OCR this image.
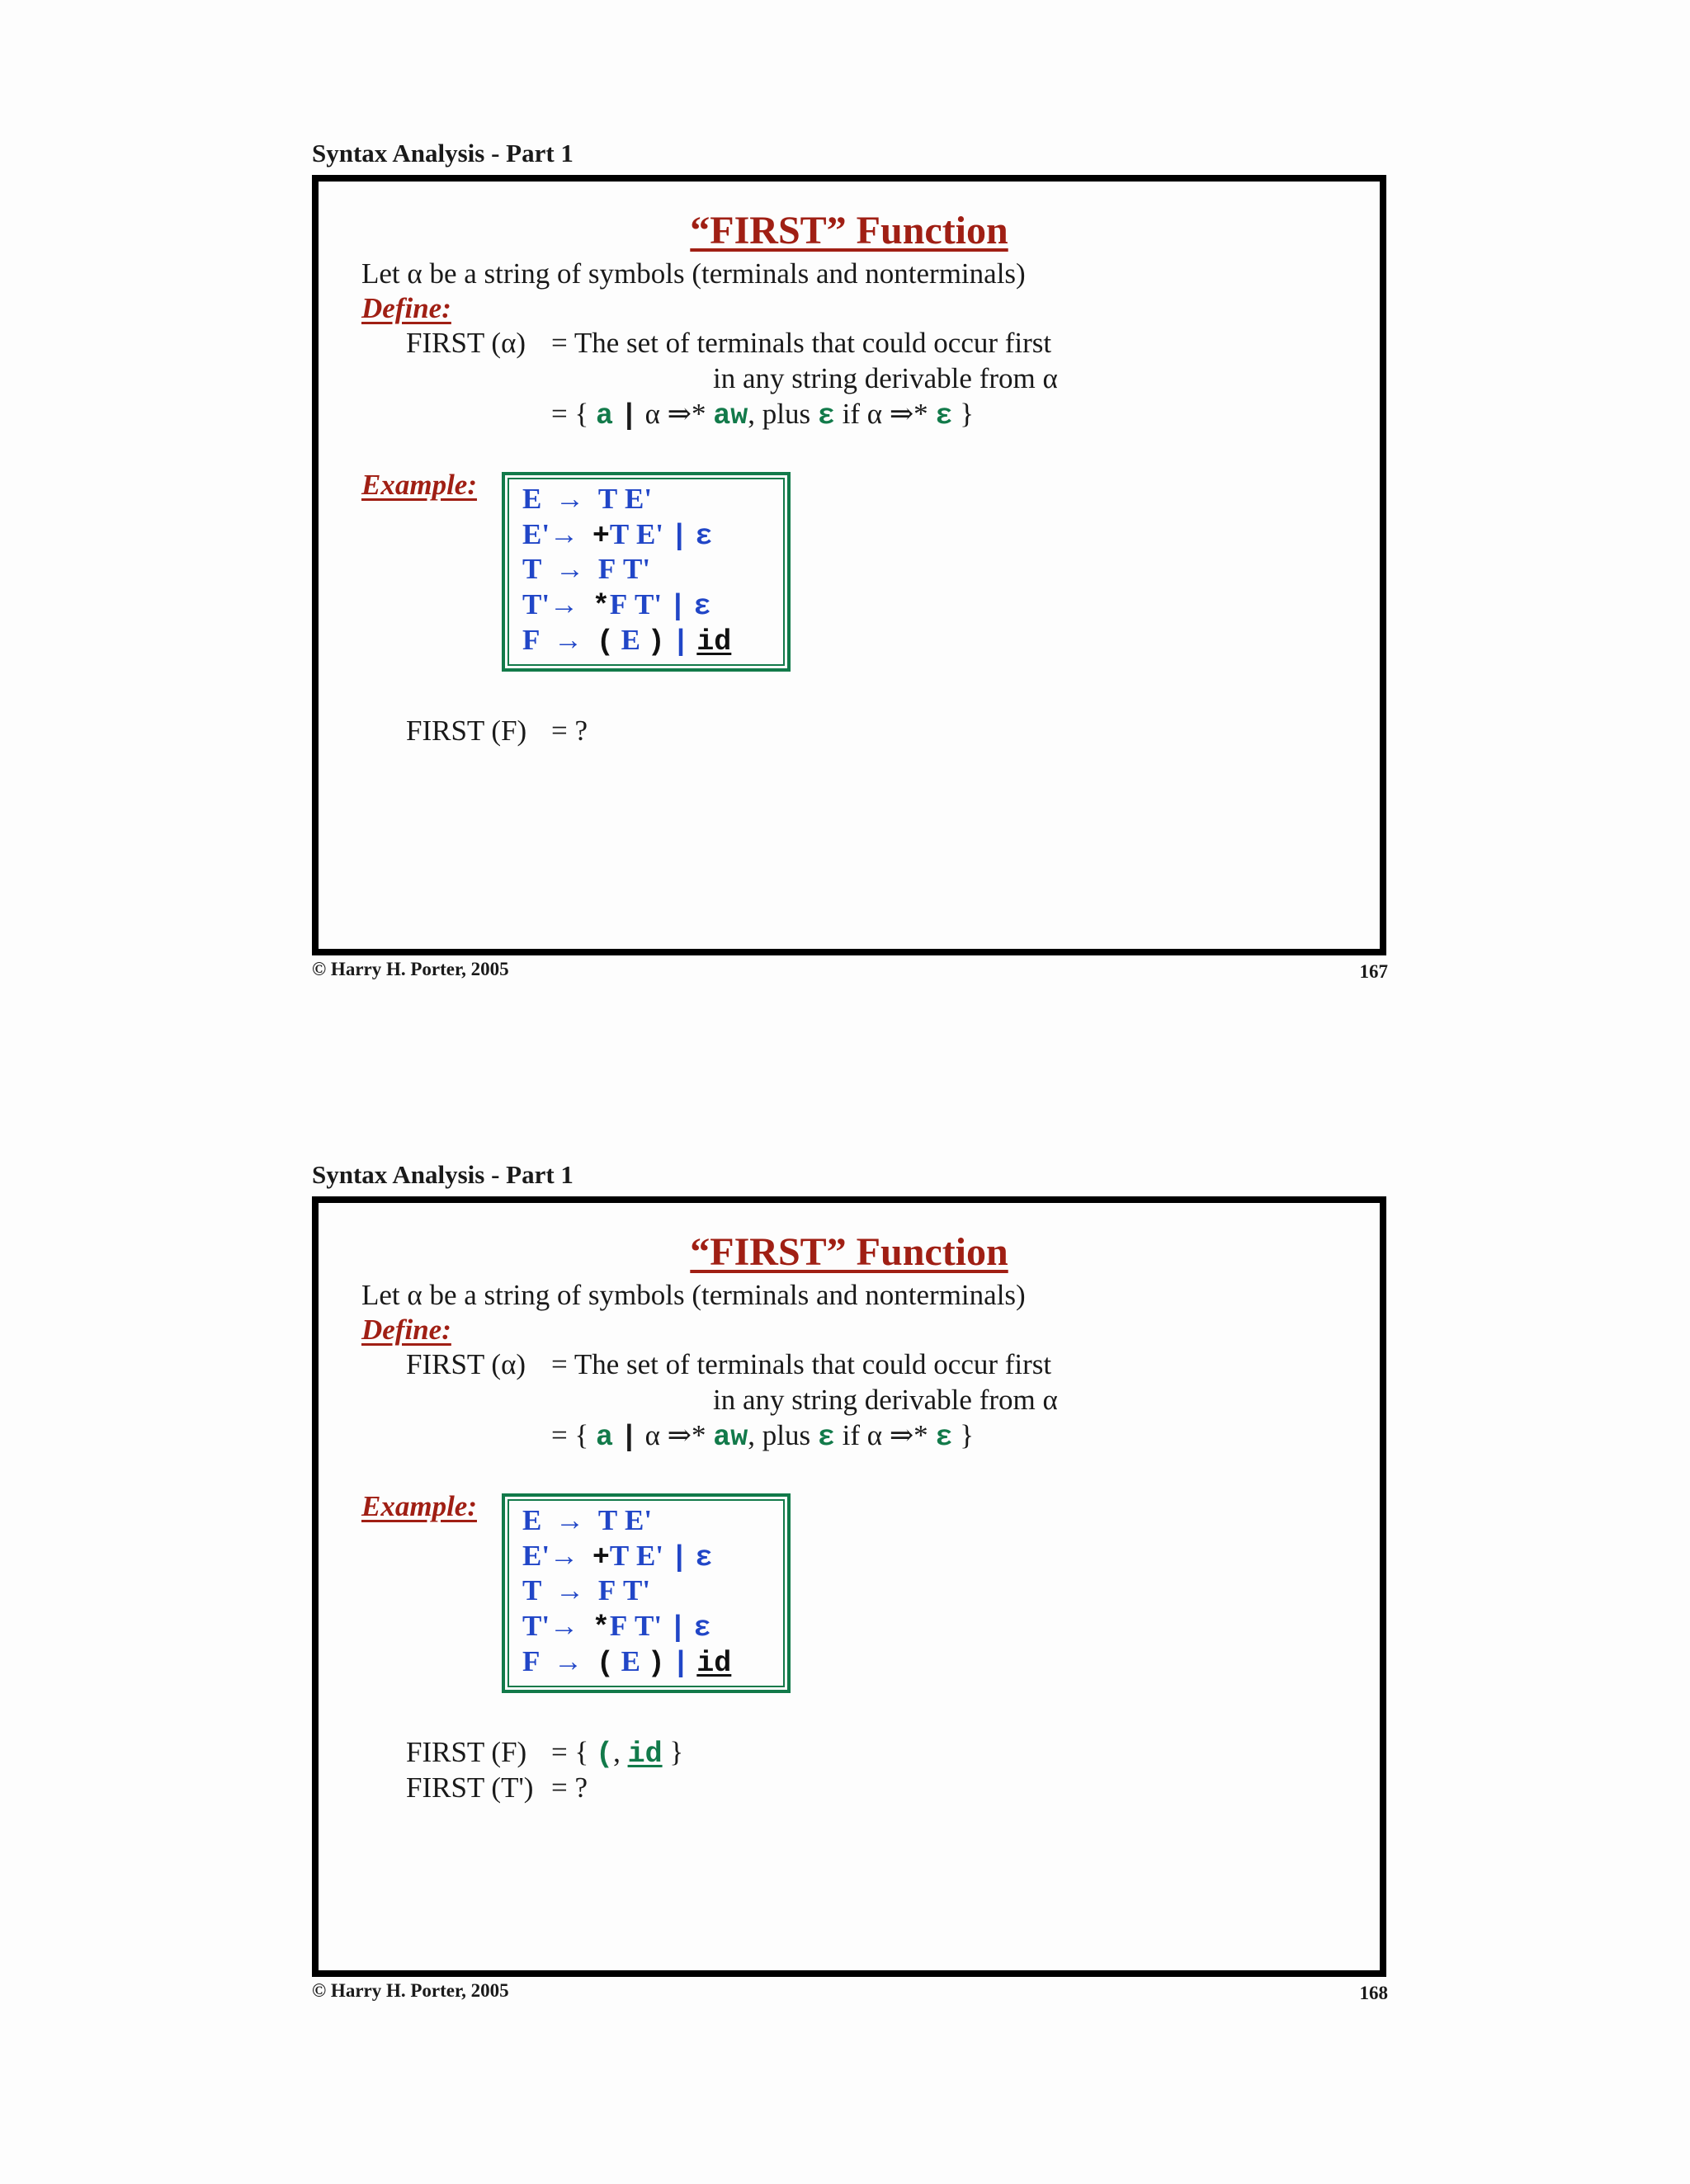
Syntax Analysis - Part 1
“FIRST” Function
Let α be a string of symbols (terminals and nonterminals)
Define:
FIRST (α) = The set of terminals that could occur first
in any string derivable from α
= { a | α ⇒* aw, plus ε if α ⇒* ε }
Example: E → T E'
E'→ +T E' | ε
T → F T'
T'→ *F T' | ε
F → ( E ) | id
FIRST (F) = ?
© Harry H. Porter, 2005	167
Syntax Analysis - Part 1
“FIRST” Function
Let α be a string of symbols (terminals and nonterminals)
Define:
FIRST (α) = The set of terminals that could occur first
in any string derivable from α
= { a | α ⇒* aw, plus ε if α ⇒* ε }
Example: E → T E'
E'→ +T E' | ε
T → F T'
T'→ *F T' | ε
F → ( E ) | id
FIRST (F) = { (, id }
FIRST (T') = ?
© Harry H. Porter, 2005	168
